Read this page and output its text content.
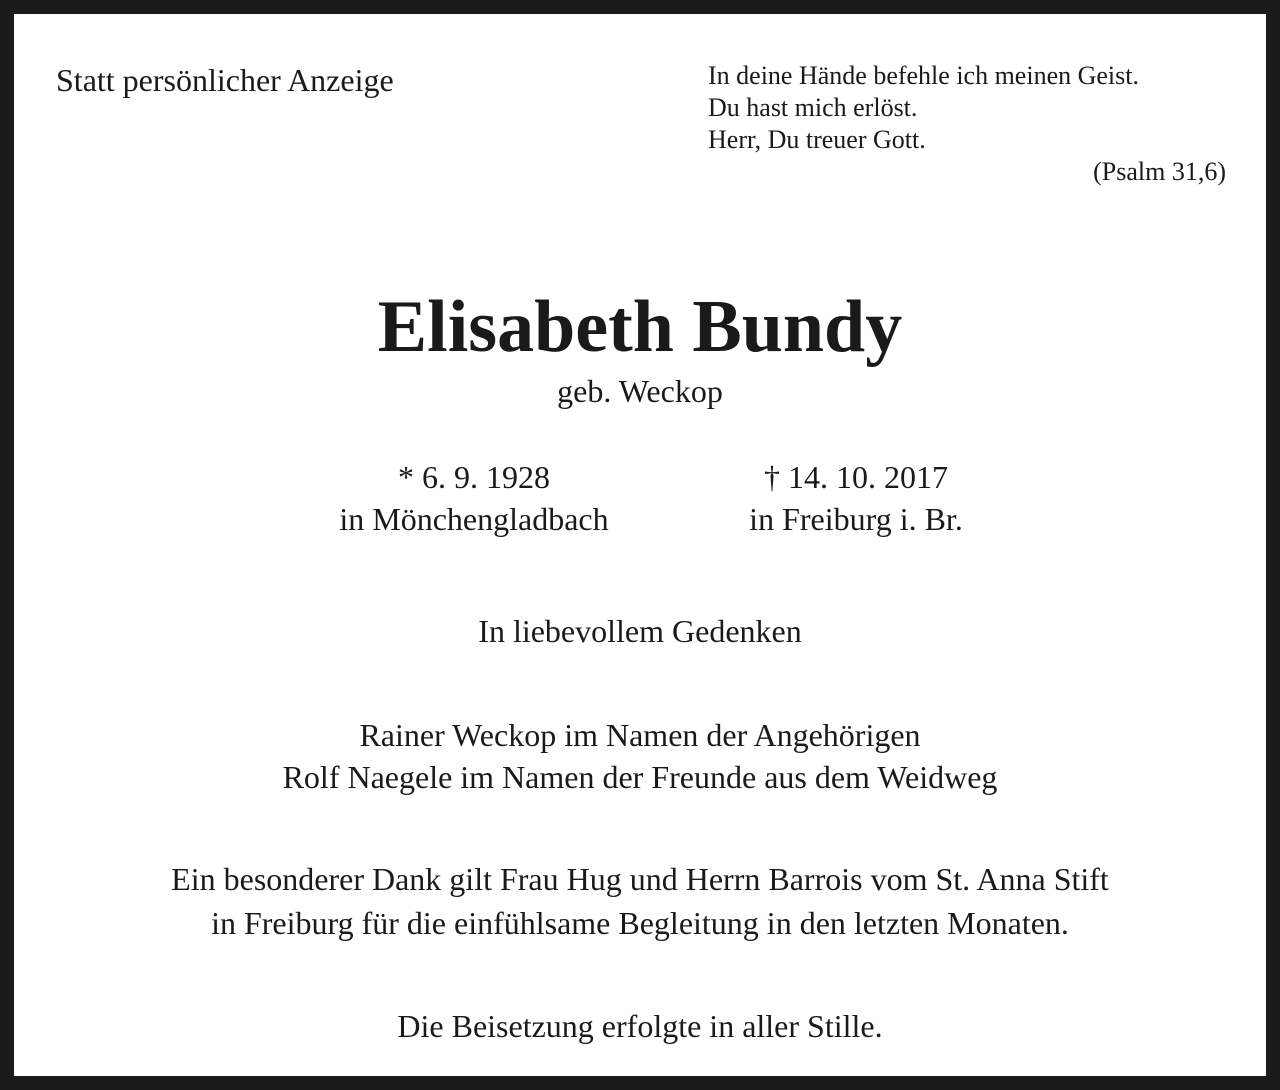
Statt persönlicher Anzeige	In deine Hände befehle ich meinen Geist.
Du hast mich erlöst.
Herr, Du treuer Gott.
(Psalm 31,6)
Elisabeth Bundy
geb. Weckop
* 6. 9. 1928
in Mönchengladbach
† 14. 10. 2017
in Freiburg i. Br.
In liebevollem Gedenken
Rainer Weckop im Namen der Angehörigen
Rolf Naegele im Namen der Freunde aus dem Weidweg
Ein besonderer Dank gilt Frau Hug und Herrn Barrois vom St. Anna Stift
in Freiburg für die einfühlsame Begleitung in den letzten Monaten.
Die Beisetzung erfolgte in aller Stille.
